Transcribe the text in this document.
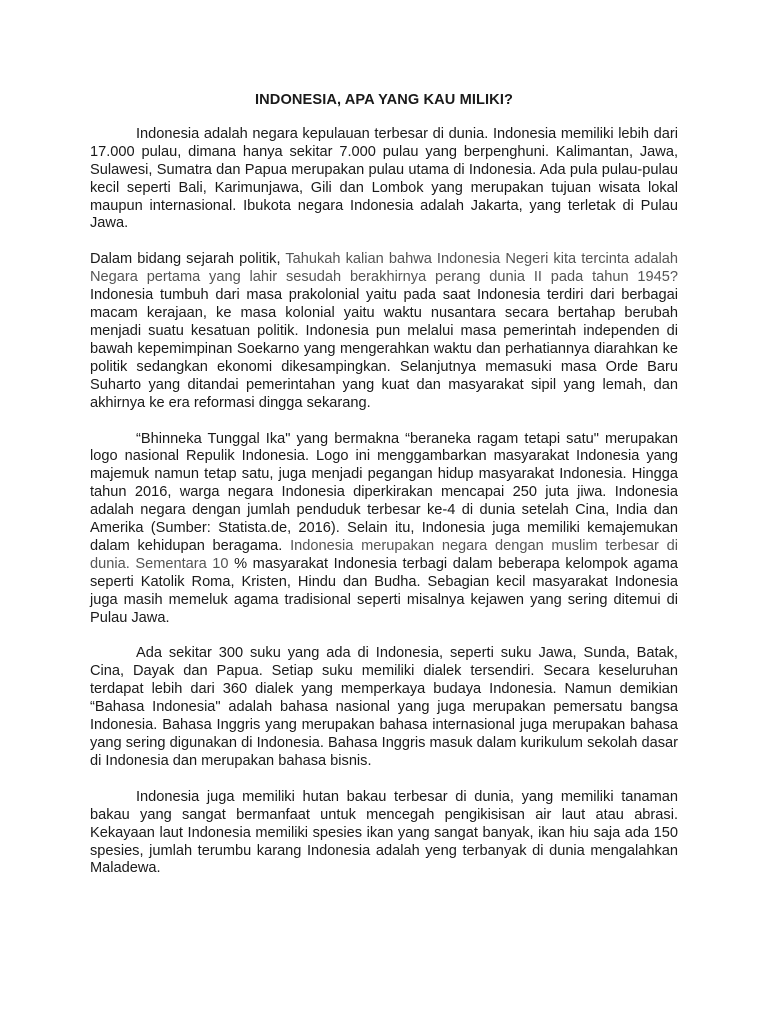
INDONESIA, APA YANG KAU MILIKI?

Indonesia adalah negara kepulauan terbesar di dunia. Indonesia memiliki lebih dari 17.000 pulau, dimana hanya sekitar 7.000 pulau yang berpenghuni. Kalimantan, Jawa, Sulawesi, Sumatra dan Papua merupakan pulau utama di Indonesia. Ada pula pulau-pulau kecil seperti Bali, Karimunjawa, Gili dan Lombok yang merupakan tujuan wisata lokal maupun internasional. Ibukota negara Indonesia adalah Jakarta, yang terletak di Pulau Jawa.

Dalam bidang sejarah politik, Tahukah kalian bahwa Indonesia Negeri kita tercinta adalah Negara pertama yang lahir sesudah berakhirnya perang dunia II pada tahun 1945? Indonesia tumbuh dari masa prakolonial yaitu pada saat Indonesia terdiri dari berbagai macam kerajaan, ke masa kolonial yaitu waktu nusantara secara bertahap berubah menjadi suatu kesatuan politik. Indonesia pun melalui masa pemerintah independen di bawah kepemimpinan Soekarno yang mengerahkan waktu dan perhatiannya diarahkan ke politik sedangkan ekonomi dikesampingkan. Selanjutnya memasuki masa Orde Baru Suharto yang ditandai pemerintahan yang kuat dan masyarakat sipil yang lemah, dan akhirnya ke era reformasi dingga sekarang.

“Bhinneka Tunggal Ika" yang bermakna “beraneka ragam tetapi satu" merupakan logo nasional Repulik Indonesia. Logo ini menggambarkan masyarakat Indonesia yang majemuk namun tetap satu, juga menjadi pegangan hidup masyarakat Indonesia. Hingga tahun 2016, warga negara Indonesia diperkirakan mencapai 250 juta jiwa. Indonesia adalah negara dengan jumlah penduduk terbesar ke-4 di dunia setelah Cina, India dan Amerika (Sumber: Statista.de, 2016). Selain itu, Indonesia juga memiliki kemajemukan dalam kehidupan beragama. Indonesia merupakan negara dengan muslim terbesar di dunia. Sementara 10 % masyarakat Indonesia terbagi dalam beberapa kelompok agama seperti Katolik Roma, Kristen, Hindu dan Budha. Sebagian kecil masyarakat Indonesia juga masih memeluk agama tradisional seperti misalnya kejawen yang sering ditemui di Pulau Jawa.

Ada sekitar 300 suku yang ada di Indonesia, seperti suku Jawa, Sunda, Batak, Cina, Dayak dan Papua. Setiap suku memiliki dialek tersendiri. Secara keseluruhan terdapat lebih dari 360 dialek yang memperkaya budaya Indonesia. Namun demikian “Bahasa Indonesia" adalah bahasa nasional yang juga merupakan pemersatu bangsa Indonesia. Bahasa Inggris yang merupakan bahasa internasional juga merupakan bahasa yang sering digunakan di Indonesia. Bahasa Inggris masuk dalam kurikulum sekolah dasar di Indonesia dan merupakan bahasa bisnis.

Indonesia juga memiliki hutan bakau terbesar di dunia, yang memiliki tanaman bakau yang sangat bermanfaat untuk mencegah pengikisisan air laut atau abrasi. Kekayaan laut Indonesia memiliki spesies ikan yang sangat banyak, ikan hiu saja ada 150 spesies, jumlah terumbu karang Indonesia adalah yeng terbanyak di dunia mengalahkan Maladewa.
